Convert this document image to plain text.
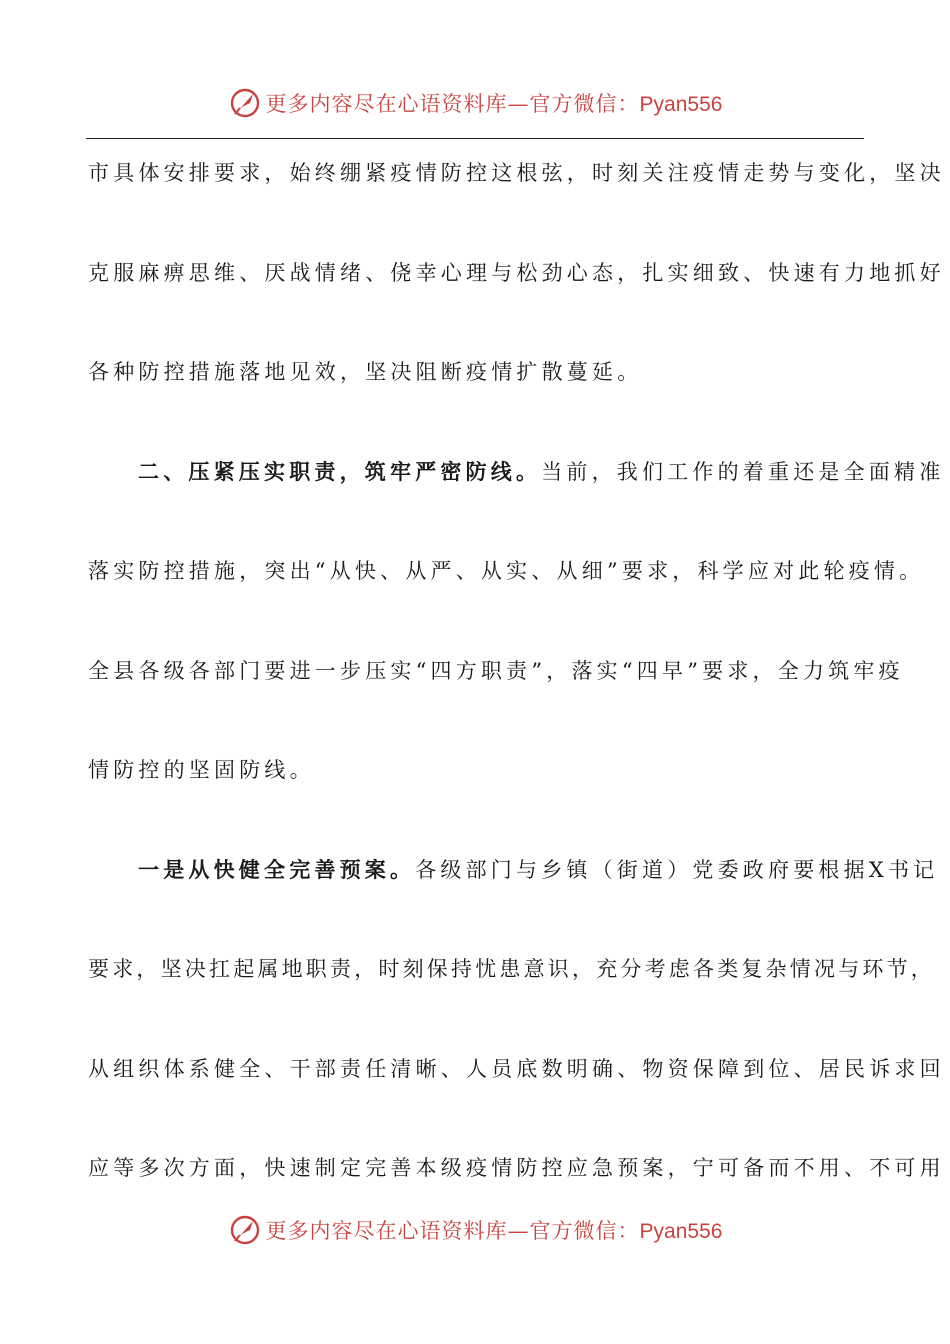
更多内容尽在心语资料库—官方微信：Pyan556
市具体安排要求，始终绷紧疫情防控这根弦，时刻关注疫情走势与变化，坚决
克服麻痹思维、厌战情绪、侥幸心理与松劲心态，扎实细致、快速有力地抓好
各种防控措施落地见效，坚决阻断疫情扩散蔓延。
二、压紧压实职责，筑牢严密防线。当前，我们工作的着重还是全面精准
落实防控措施，突出“从快、从严、从实、从细”要求，科学应对此轮疫情。
全县各级各部门要进一步压实“四方职责”，落实“四早”要求，全力筑牢疫
情防控的坚固防线。
一是从快健全完善预案。各级部门与乡镇（街道）党委政府要根据X书记
要求，坚决扛起属地职责，时刻保持忧患意识，充分考虑各类复杂情况与环节，
从组织体系健全、干部责任清晰、人员底数明确、物资保障到位、居民诉求回
应等多次方面，快速制定完善本级疫情防控应急预案，宁可备而不用、不可用
更多内容尽在心语资料库—官方微信：Pyan556
